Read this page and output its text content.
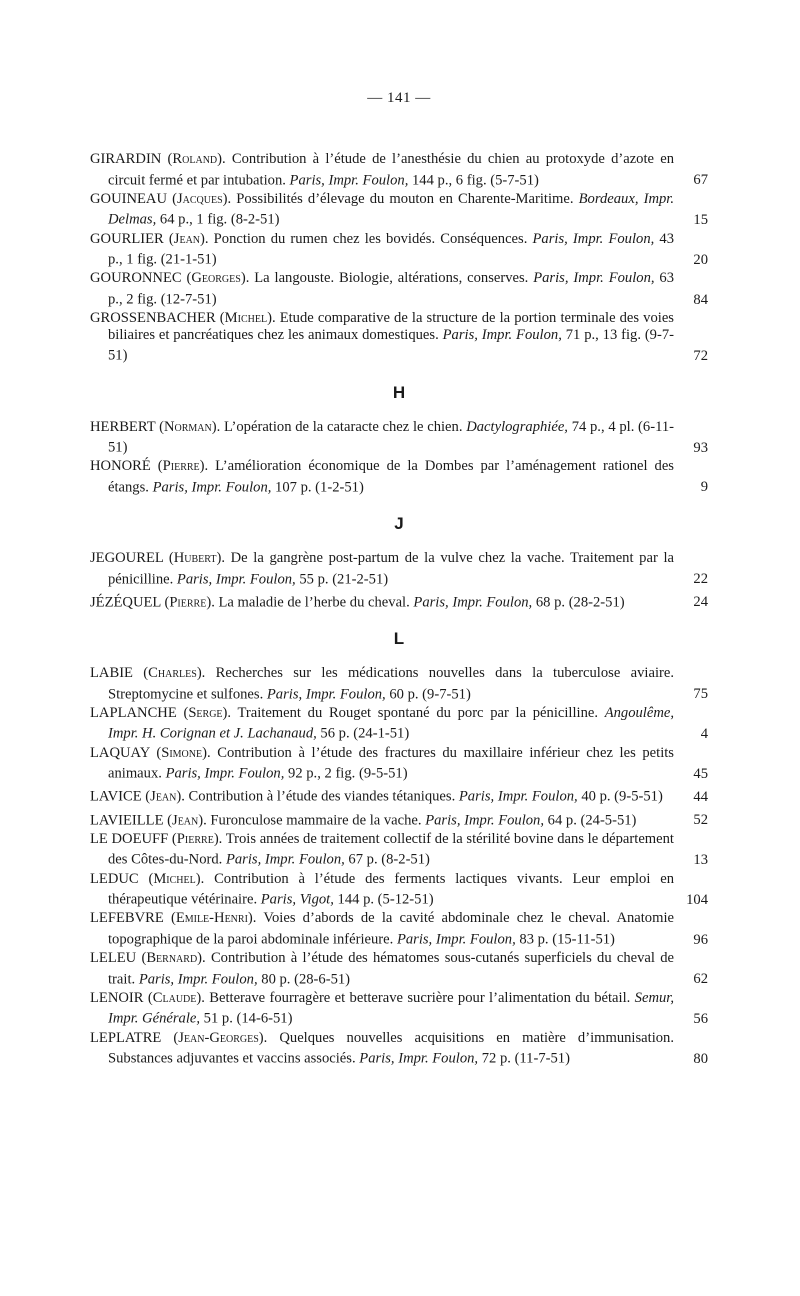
— 141 —
GIRARDIN (Roland). Contribution à l’étude de l’anesthésie du chien au protoxyde d’azote en circuit fermé et par intubation. Paris, Impr. Foulon, 144 p., 6 fig. (5-7-51)	67
GOUINEAU (Jacques). Possibilités d’élevage du mouton en Charente-Maritime. Bordeaux, Impr. Delmas, 64 p., 1 fig. (8-2-51)	15
GOURLIER (Jean). Ponction du rumen chez les bovidés. Conséquences. Paris, Impr. Foulon, 43 p., 1 fig. (21-1-51)	20
GOURONNEC (Georges). La langouste. Biologie, altérations, conserves. Paris, Impr. Foulon, 63 p., 2 fig. (12-7-51)	84
GROSSENBACHER (Michel). Etude comparative de la structure de la portion terminale des voies biliaires et pancréatiques chez les animaux domestiques. Paris, Impr. Foulon, 71 p., 13 fig. (9-7-51)	72
H
HERBERT (Norman). L’opération de la cataracte chez le chien. Dactylographiée, 74 p., 4 pl. (6-11-51)	93
HONORÉ (Pierre). L’amélioration économique de la Dombes par l’aménagement rationel des étangs. Paris, Impr. Foulon, 107 p. (1-2-51)	9
J
JEGOUREL (Hubert). De la gangrène post-partum de la vulve chez la vache. Traitement par la pénicilline. Paris, Impr. Foulon, 55 p. (21-2-51)	22
JÉZÉQUEL (Pierre). La maladie de l’herbe du cheval. Paris, Impr. Foulon, 68 p. (28-2-51)	24
L
LABIE (Charles). Recherches sur les médications nouvelles dans la tuberculose aviaire. Streptomycine et sulfones. Paris, Impr. Foulon, 60 p. (9-7-51)	75
LAPLANCHE (Serge). Traitement du Rouget spontané du porc par la pénicilline. Angoulême, Impr. H. Corignan et J. Lachanaud, 56 p. (24-1-51)	4
LAQUAY (Simone). Contribution à l’étude des fractures du maxillaire inférieur chez les petits animaux. Paris, Impr. Foulon, 92 p., 2 fig. (9-5-51)	45
LAVICE (Jean). Contribution à l’étude des viandes tétaniques. Paris, Impr. Foulon, 40 p. (9-5-51)	44
LAVIEILLE (Jean). Furonculose mammaire de la vache. Paris, Impr. Foulon, 64 p. (24-5-51)	52
LE DOEUFF (Pierre). Trois années de traitement collectif de la stérilité bovine dans le département des Côtes-du-Nord. Paris, Impr. Foulon, 67 p. (8-2-51)	13
LEDUC (Michel). Contribution à l’étude des ferments lactiques vivants. Leur emploi en thérapeutique vétérinaire. Paris, Vigot, 144 p. (5-12-51)	104
LEFEBVRE (Emile-Henri). Voies d’abords de la cavité abdominale chez le cheval. Anatomie topographique de la paroi abdominale inférieure. Paris, Impr. Foulon, 83 p. (15-11-51)	96
LELEU (Bernard). Contribution à l’étude des hématomes sous-cutanés superficiels du cheval de trait. Paris, Impr. Foulon, 80 p. (28-6-51)	62
LENOIR (Claude). Betterave fourragère et betterave sucrière pour l’alimentation du bétail. Semur, Impr. Générale, 51 p. (14-6-51)	56
LEPLATRE (Jean-Georges). Quelques nouvelles acquisitions en matière d’immunisation. Substances adjuvantes et vaccins associés. Paris, Impr. Foulon, 72 p. (11-7-51)	80
